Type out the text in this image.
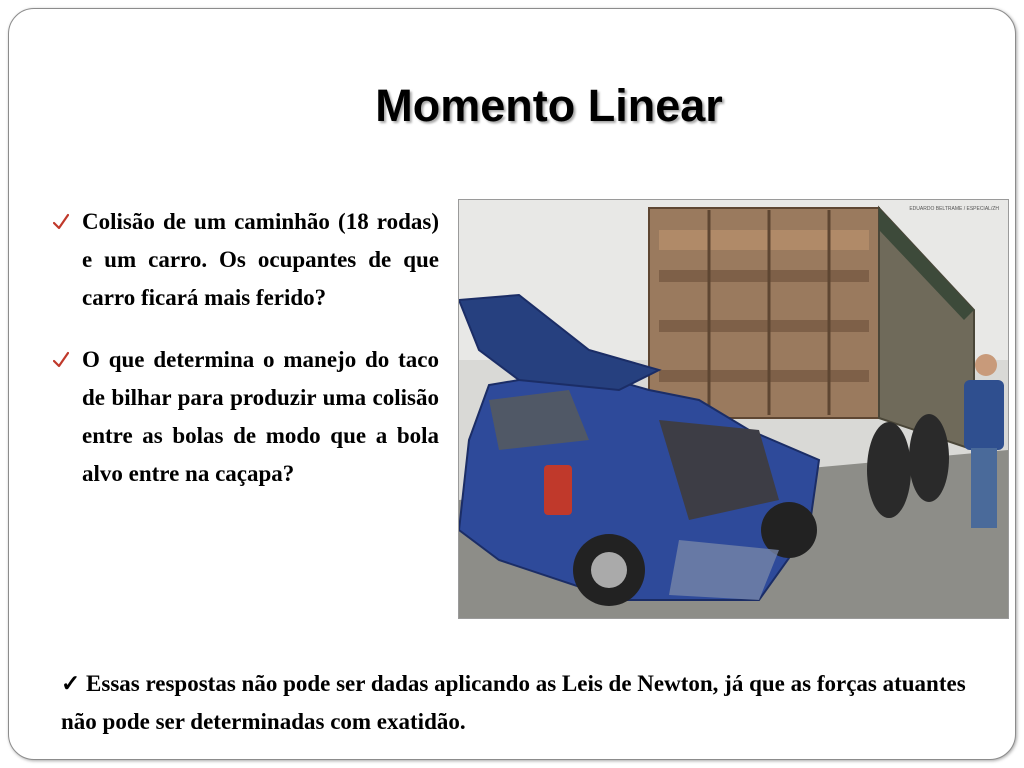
Momento Linear
Colisão de um caminhão (18 rodas) e um carro. Os ocupantes de que carro ficará mais ferido?
O que determina o manejo do taco de bilhar para produzir uma colisão entre as bolas de modo que a bola alvo entre na caçapa?
EDUARDO BELTRAME / ESPECIAL/ZH

✓ Essas respostas não pode ser dadas aplicando as Leis de Newton, já que as forças atuantes não pode ser determinadas com exatidão.
